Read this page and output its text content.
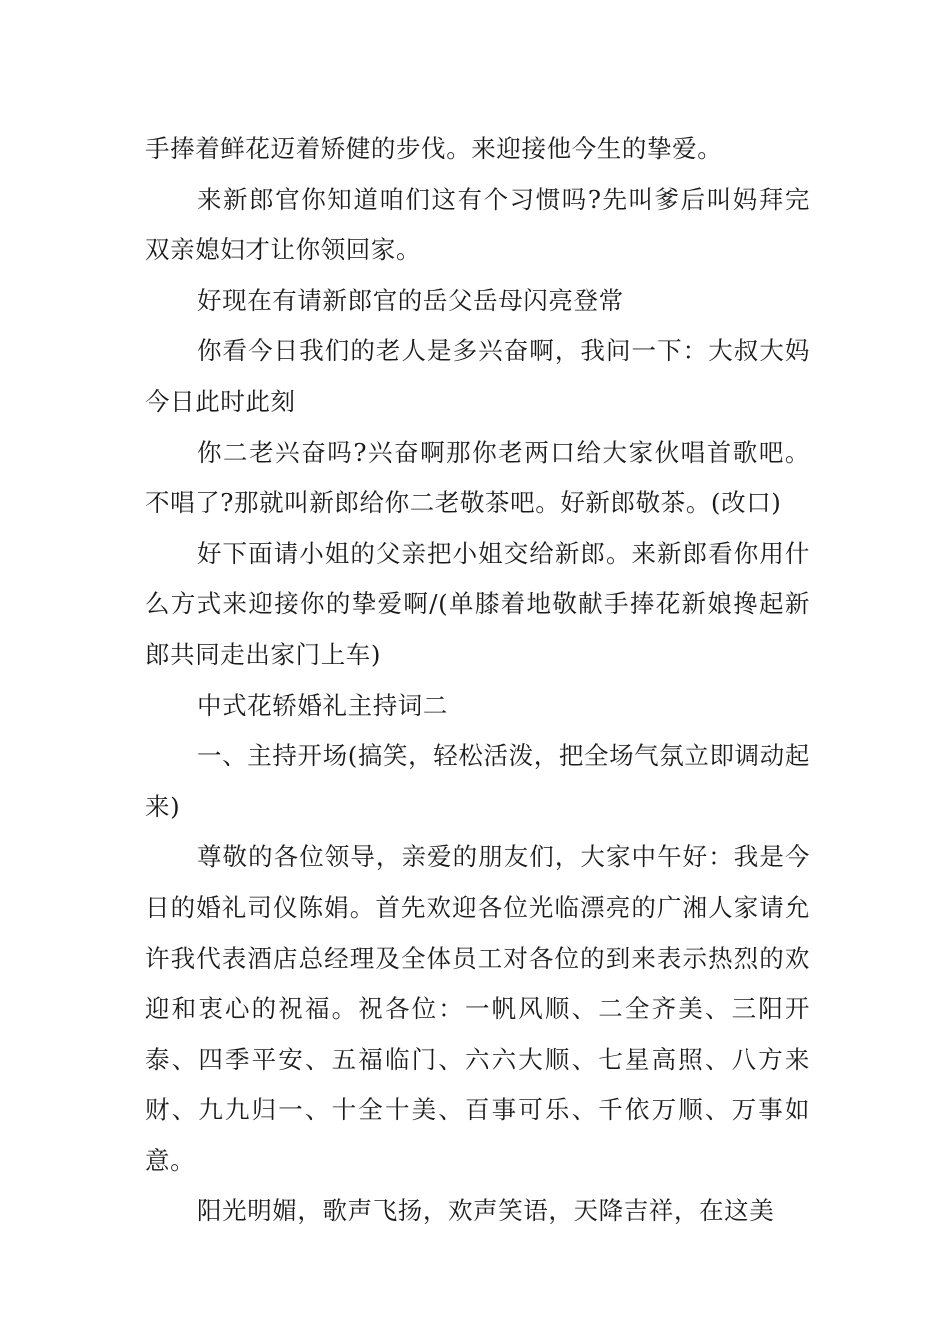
手捧着鲜花迈着矫健的步伐。来迎接他今生的挚爱。

来新郎官你知道咱们这有个习惯吗?先叫爹后叫妈拜完双亲媳妇才让你领回家。

好现在有请新郎官的岳父岳母闪亮登常

你看今日我们的老人是多兴奋啊，我问一下：大叔大妈今日此时此刻

你二老兴奋吗?兴奋啊那你老两口给大家伙唱首歌吧。不唱了?那就叫新郎给你二老敬茶吧。好新郎敬茶。(改口)

好下面请小姐的父亲把小姐交给新郎。来新郎看你用什么方式来迎接你的挚爱啊/(单膝着地敬献手捧花新娘搀起新郎共同走出家门上车)

中式花轿婚礼主持词二

一、主持开场(搞笑，轻松活泼，把全场气氛立即调动起来)

尊敬的各位领导，亲爱的朋友们，大家中午好：我是今日的婚礼司仪陈娟。首先欢迎各位光临漂亮的广湘人家请允许我代表酒店总经理及全体员工对各位的到来表示热烈的欢迎和衷心的祝福。祝各位：一帆风顺、二全齐美、三阳开泰、四季平安、五福临门、六六大顺、七星高照、八方来财、九九归一、十全十美、百事可乐、千依万顺、万事如意。

阳光明媚，歌声飞扬，欢声笑语，天降吉祥，在这美
